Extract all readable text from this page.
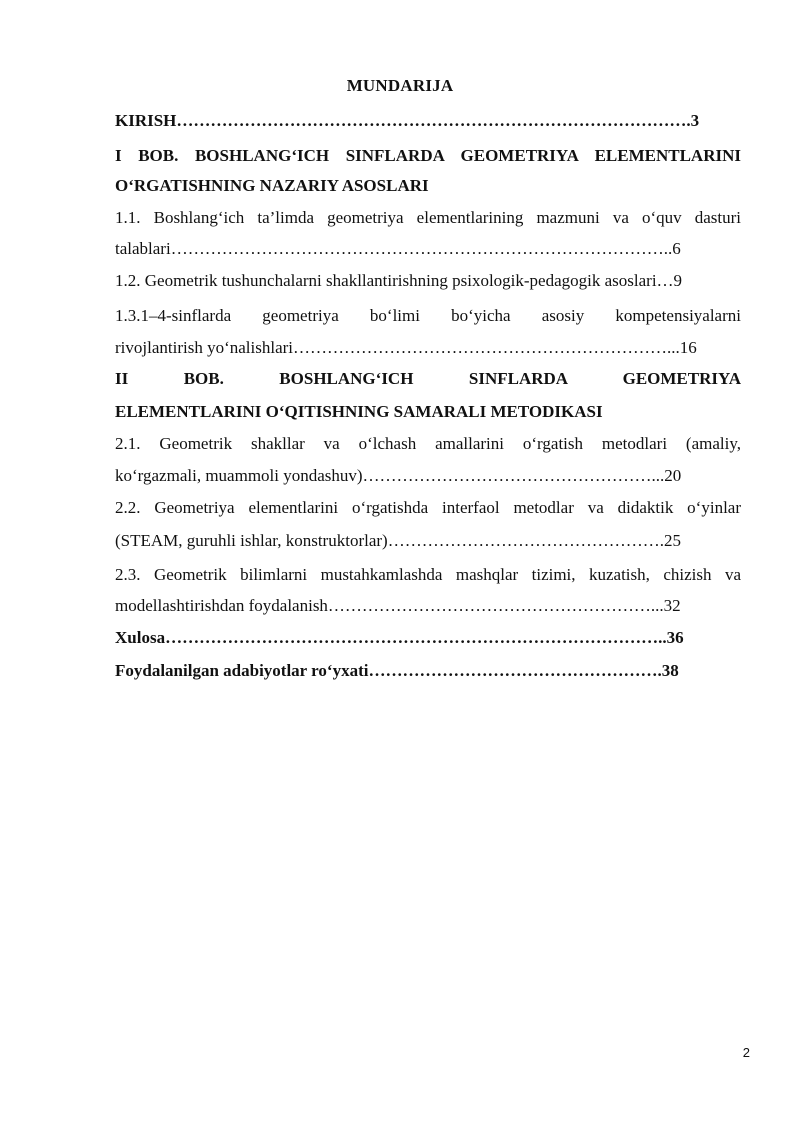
MUNDARIJA
KIRISH……………………………………………………………………………….3
I BOB. BOSHLANG‘ICH SINFLARDA GEOMETRIYA ELEMENTLARINI
O‘RGATISHNING NAZARIY ASOSLARI
1.1. Boshlang‘ich ta’limda geometriya elementlarining mazmuni va o‘quv dasturi
talablari……………………………………………………………………………..6
1.2. Geometrik tushunchalarni shakllantirishning psixologik-pedagogik asoslari…9
1.3.1–4-sinflarda geometriya bo‘limi bo‘yicha asosiy kompetensiyalarni
rivojlantirish yo‘nalishlari…………………………………………………………...16
II BOB. BOSHLANG‘ICH SINFLARDA GEOMETRIYA
ELEMENTLARINI O‘QITISHNING SAMARALI METODIKASI
2.1. Geometrik shakllar va o‘lchash amallarini o‘rgatish metodlari (amaliy,
ko‘rgazmali, muammoli yondashuv)……………………………………………...20
2.2. Geometriya elementlarini o‘rgatishda interfaol metodlar va didaktik o‘yinlar
(STEAM, guruhli ishlar, konstruktorlar)………………………………………….25
2.3. Geometrik bilimlarni mustahkamlashda mashqlar tizimi, kuzatish, chizish va
modellashtirishdan foydalanish…………………………………………………...32
Xulosa……………………………………………………………………………..36
Foydalanilgan adabiyotlar ro‘yxati…………………………………………….38
2
